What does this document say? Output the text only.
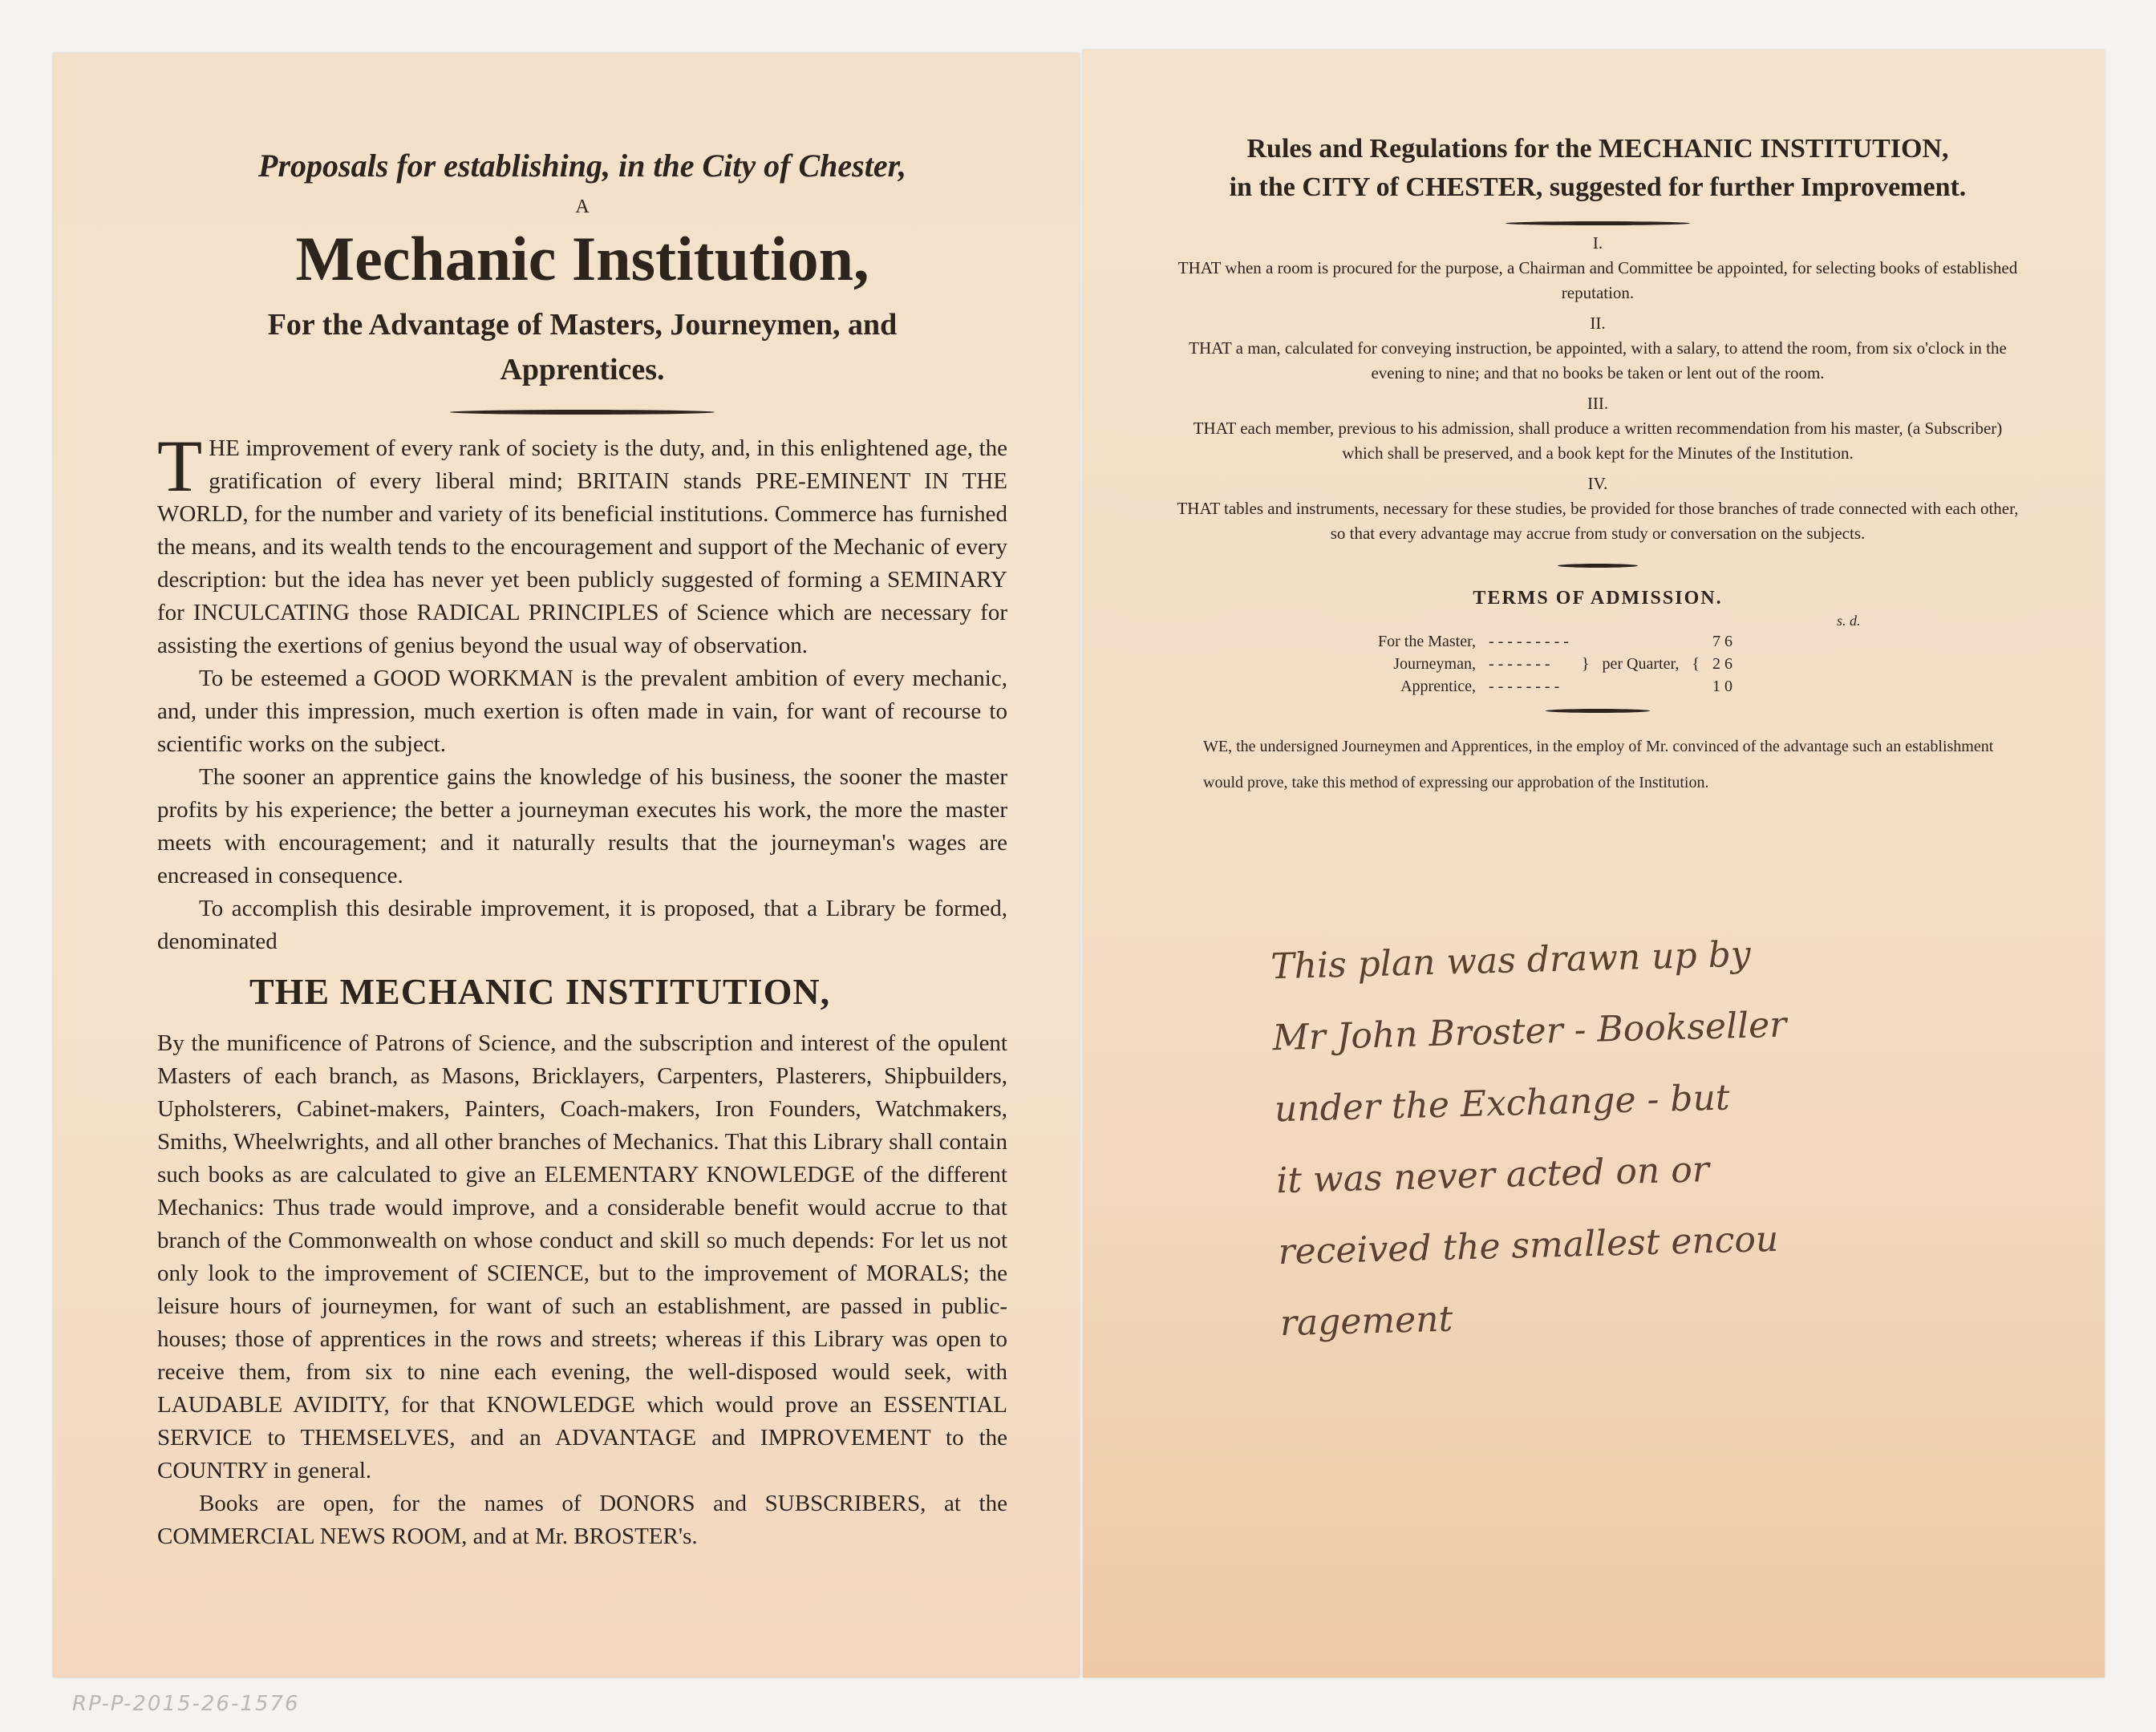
Proposals for establishing, in the City of Chester,
A
Mechanic Institution,
For the Advantage of Masters, Journeymen, and Apprentices.

THE improvement of every rank of society is the duty, and, in this enlightened age, the gratification of every liberal mind; BRITAIN stands PRE-EMINENT IN THE WORLD, for the number and variety of its beneficial institutions. Commerce has furnished the means, and its wealth tends to the encouragement and support of the Mechanic of every description: but the idea has never yet been publicly suggested of forming a SEMINARY for INCULCATING those RADICAL PRINCIPLES of Science which are necessary for assisting the exertions of genius beyond the usual way of observation.

To be esteemed a GOOD WORKMAN is the prevalent ambition of every mechanic, and, under this impression, much exertion is often made in vain, for want of recourse to scientific works on the subject.

The sooner an apprentice gains the knowledge of his business, the sooner the master profits by his experience; the better a journeyman executes his work, the more the master meets with encouragement; and it naturally results that the journeyman's wages are encreased in consequence.

To accomplish this desirable improvement, it is proposed, that a Library be formed, denominated

THE MECHANIC INSTITUTION,

By the munificence of Patrons of Science, and the subscription and interest of the opulent Masters of each branch, as Masons, Bricklayers, Carpenters, Plasterers, Shipbuilders, Upholsterers, Cabinet-makers, Painters, Coach-makers, Iron Founders, Watchmakers, Smiths, Wheelwrights, and all other branches of Mechanics. That this Library shall contain such books as are calculated to give an ELEMENTARY KNOWLEDGE of the different Mechanics: Thus trade would improve, and a considerable benefit would accrue to that branch of the Commonwealth on whose conduct and skill so much depends: For let us not only look to the improvement of SCIENCE, but to the improvement of MORALS; the leisure hours of journeymen, for want of such an establishment, are passed in public-houses; those of apprentices in the rows and streets; whereas if this Library was open to receive them, from six to nine each evening, the well-disposed would seek, with LAUDABLE AVIDITY, for that KNOWLEDGE which would prove an ESSENTIAL SERVICE to THEMSELVES, and an ADVANTAGE and IMPROVEMENT to the COUNTRY in general.

Books are open, for the names of DONORS and SUBSCRIBERS, at the COMMERCIAL NEWS ROOM, and at Mr. BROSTER's.

Rules and Regulations for the MECHANIC INSTITUTION,
in the CITY of CHESTER, suggested for further Improvement.
I.
THAT when a room is procured for the purpose, a Chairman and Committee be appointed, for selecting books of established reputation.
II.
THAT a man, calculated for conveying instruction, be appointed, with a salary, to attend the room, from six o'clock in the evening to nine; and that no books be taken or lent out of the room.
III.
THAT each member, previous to his admission, shall produce a written recommendation from his master, (a Subscriber) which shall be preserved, and a book kept for the Minutes of the Institution.
IV.
THAT tables and instruments, necessary for these studies, be provided for those branches of trade connected with each other, so that every advantage may accrue from study or conversation on the subjects.
TERMS OF ADMISSION.
s. d.
For the Master,	- - - - - - - - -	}	per Quarter,	{	7 6
Journeyman,	- - - - - - -				2 6
Apprentice,	- - - - - - - -				1 0
WE, the undersigned Journeymen and Apprentices, in the employ of Mr. convinced of the advantage such an establishment would prove, take this method of expressing our approbation of the Institution.
This plan was drawn up by
Mr John Broster - Bookseller
under the Exchange - but
it was never acted on or
received the smallest encou
ragement
RP-P-2015-26-1576
